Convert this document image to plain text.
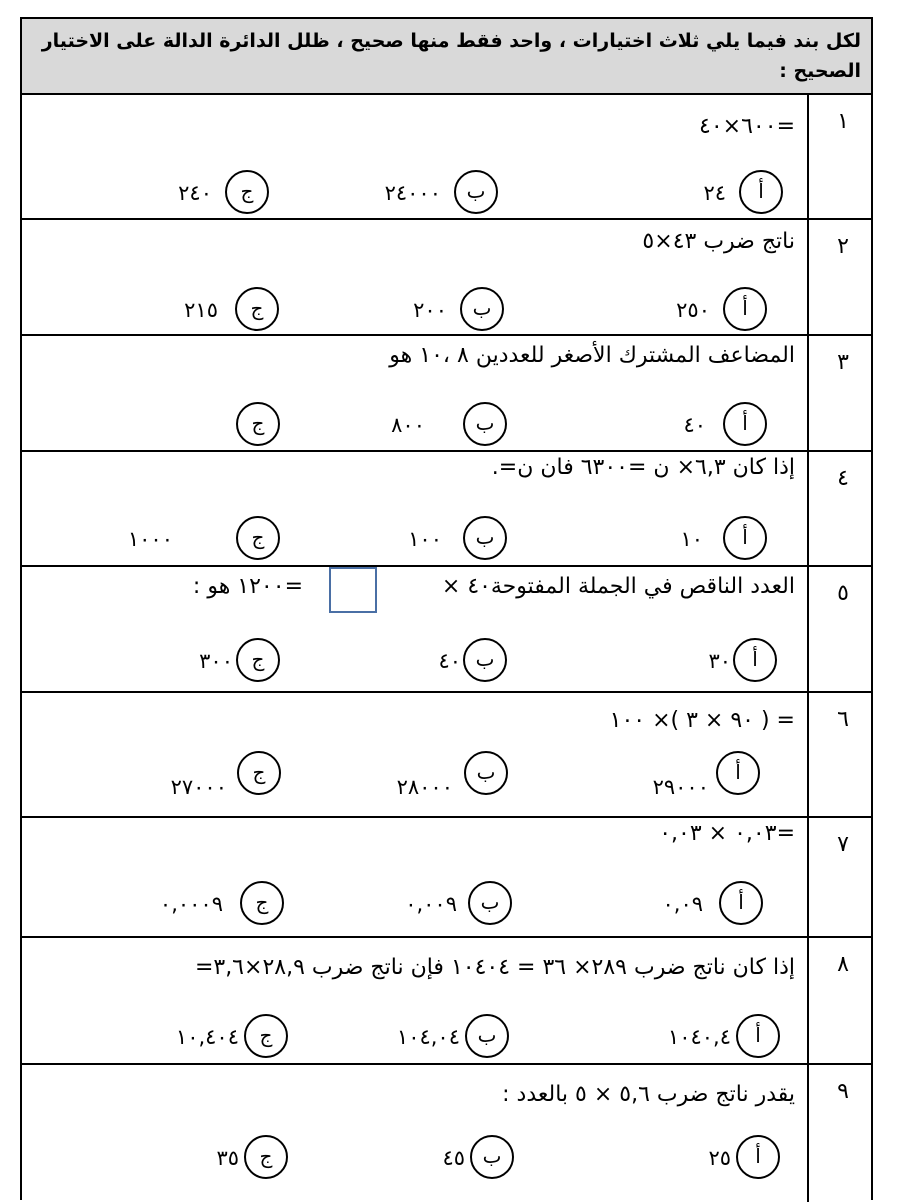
لكل بند فيما يلي ثلاث اختيارات ، واحد فقط منها صحيح ، ظلل الدائرة الدالة على الاختيار الصحيح :
١
=٦٠٠×٤٠
أ
٢٤
ب
٢٤٠٠٠
ج
٢٤٠
٢
ناتج ضرب ٤٣×٥
أ
٢٥٠
ب
٢٠٠
ج
٢١٥
٣
المضاعف المشترك الأصغر للعددين ٨ ،١٠ هو
أ
٤٠
ب
٨٠٠
ج
٤
إذا كان ٦,٣× ن =٦٣٠٠ فان ن=.
أ
١٠
ب
١٠٠
ج
١٠٠٠
٥
العدد الناقص في الجملة المفتوحة
٤٠ ×
=١٢٠٠ هو :
أ
٣٠
ب
٤٠
ج
٣٠٠
٦
= ( ٩٠ × ٣ )× ١٠٠
أ
٢٩٠٠٠
ب
٢٨٠٠٠
ج
٢٧٠٠٠
٧
=٠,٠٣ × ٠,٠٣
أ
٠,٠٩
ب
٠,٠٠٩
ج
٠,٠٠٠٩
٨
إذا كان ناتج ضرب ٢٨٩× ٣٦ = ١٠٤٠٤ فإن ناتج ضرب ٢٨,٩×٣,٦=
أ
١٠٤٠,٤
ب
١٠٤,٠٤
ج
١٠,٤٠٤
٩
يقدر ناتج ضرب ٥,٦ × ٥ بالعدد :
أ
٢٥
ب
٤٥
ج
٣٥
